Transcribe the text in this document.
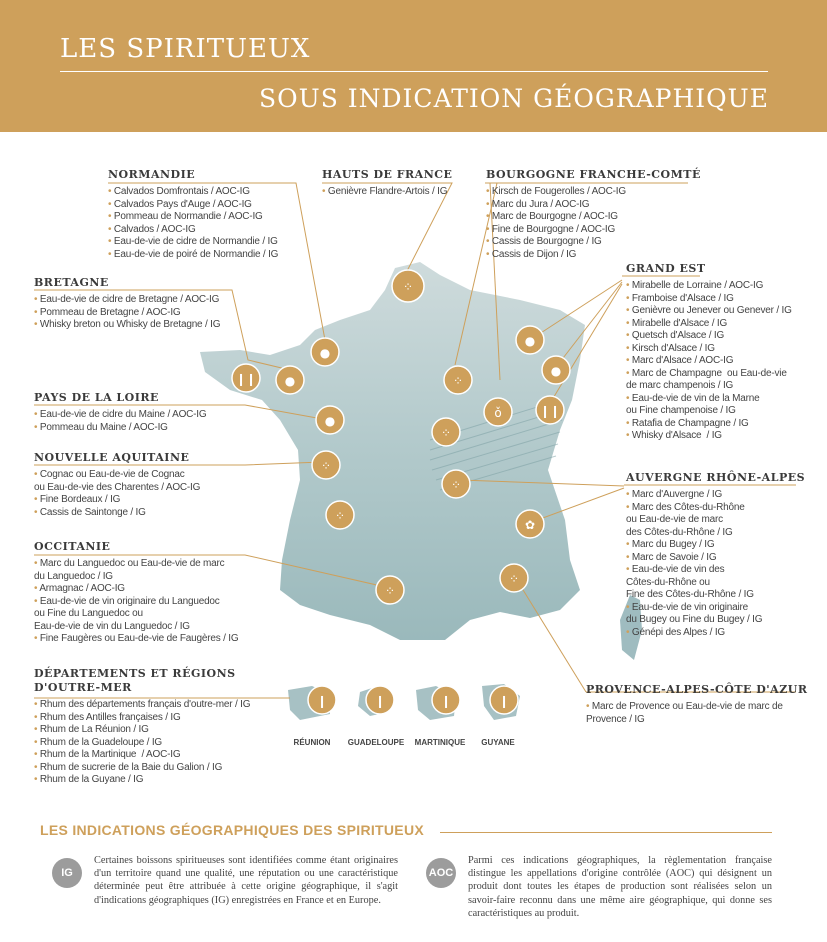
LES SPIRITUEUX
SOUS INDICATION GÉOGRAPHIQUE
●
●
❙❙
●
⁘
⁘
⁘
⁘
⁘
⁘
ǒ
⁘
❙❙
●
●
⁘
✿
❙	❙	❙	❙
NORMANDIE
• Calvados Domfrontais / AOC-IG
• Calvados Pays d'Auge / AOC-IG
• Pommeau de Normandie / AOC-IG
• Calvados / AOC-IG
• Eau-de-vie de cidre de Normandie / IG
• Eau-de-vie de poiré de Normandie / IG
HAUTS DE FRANCE
• Genièvre Flandre-Artois / IG
BOURGOGNE FRANCHE-COMTÉ
• Kirsch de Fougerolles / AOC-IG
• Marc du Jura / AOC-IG
• Marc de Bourgogne / AOC-IG
• Fine de Bourgogne / AOC-IG
• Cassis de Bourgogne / IG
• Cassis de Dijon / IG
BRETAGNE
• Eau-de-vie de cidre de Bretagne / AOC-IG
• Pommeau de Bretagne / AOC-IG
• Whisky breton ou Whisky de Bretagne / IG
GRAND EST
• Mirabelle de Lorraine / AOC-IG
• Framboise d'Alsace / IG
• Genièvre ou Jenever ou Genever / IG
• Mirabelle d'Alsace / IG
• Quetsch d'Alsace / IG
• Kirsch d'Alsace / IG
• Marc d'Alsace / AOC-IG
• Marc de Champagne  ou Eau-de-vie
de marc champenois / IG
• Eau-de-vie de vin de la Marne
ou Fine champenoise / IG
• Ratafia de Champagne / IG
• Whisky d'Alsace  / IG
PAYS DE LA LOIRE
• Eau-de-vie de cidre du Maine / AOC-IG
• Pommeau du Maine / AOC-IG
NOUVELLE AQUITAINE
• Cognac ou Eau-de-vie de Cognac
ou Eau-de-vie des Charentes / AOC-IG
• Fine Bordeaux / IG
• Cassis de Saintonge / IG
AUVERGNE RHÔNE-ALPES
• Marc d'Auvergne / IG
• Marc des Côtes-du-Rhône
ou Eau-de-vie de marc
des Côtes-du-Rhône / IG
• Marc du Bugey / IG
• Marc de Savoie / IG
• Eau-de-vie de vin des
Côtes-du-Rhône ou
Fine des Côtes-du-Rhône / IG
• Eau-de-vie de vin originaire
du Bugey ou Fine du Bugey / IG
• Génépi des Alpes / IG
OCCITANIE
• Marc du Languedoc ou Eau-de-vie de marc
du Languedoc / IG
• Armagnac / AOC-IG
• Eau-de-vie de vin originaire du Languedoc
ou Fine du Languedoc ou
Eau-de-vie de vin du Languedoc / IG
• Fine Faugères ou Eau-de-vie de Faugères / IG
DÉPARTEMENTS ET RÉGIONS
D'OUTRE-MER
• Rhum des départements français d'outre-mer / IG
• Rhum des Antilles françaises / IG
• Rhum de La Réunion / IG
• Rhum de la Guadeloupe / IG
• Rhum de la Martinique  / AOC-IG
• Rhum de sucrerie de la Baie du Galion / IG
• Rhum de la Guyane / IG
PROVENCE-ALPES-CÔTE D'AZUR
• Marc de Provence ou Eau-de-vie de marc de
Provence / IG
RÉUNION	GUADELOUPE	MARTINIQUE	GUYANE
LES INDICATIONS GÉOGRAPHIQUES DES SPIRITUEUX
IG
Certaines boissons spiritueuses sont identifiées comme étant originaires d'un territoire quand une qualité, une réputation ou une caractéristique déterminée peut être attribuée à cette origine géographique, il s'agit d'indications géographiques (IG) enregistrées en France et en Europe.
AOC
Parmi ces indications géographiques, la règlementation française distingue les appellations d'origine contrôlée (AOC) qui désignent un produit dont toutes les étapes de production sont réalisées selon un savoir-faire reconnu dans une même aire géographique, qui donne ses caractéristiques au produit.
